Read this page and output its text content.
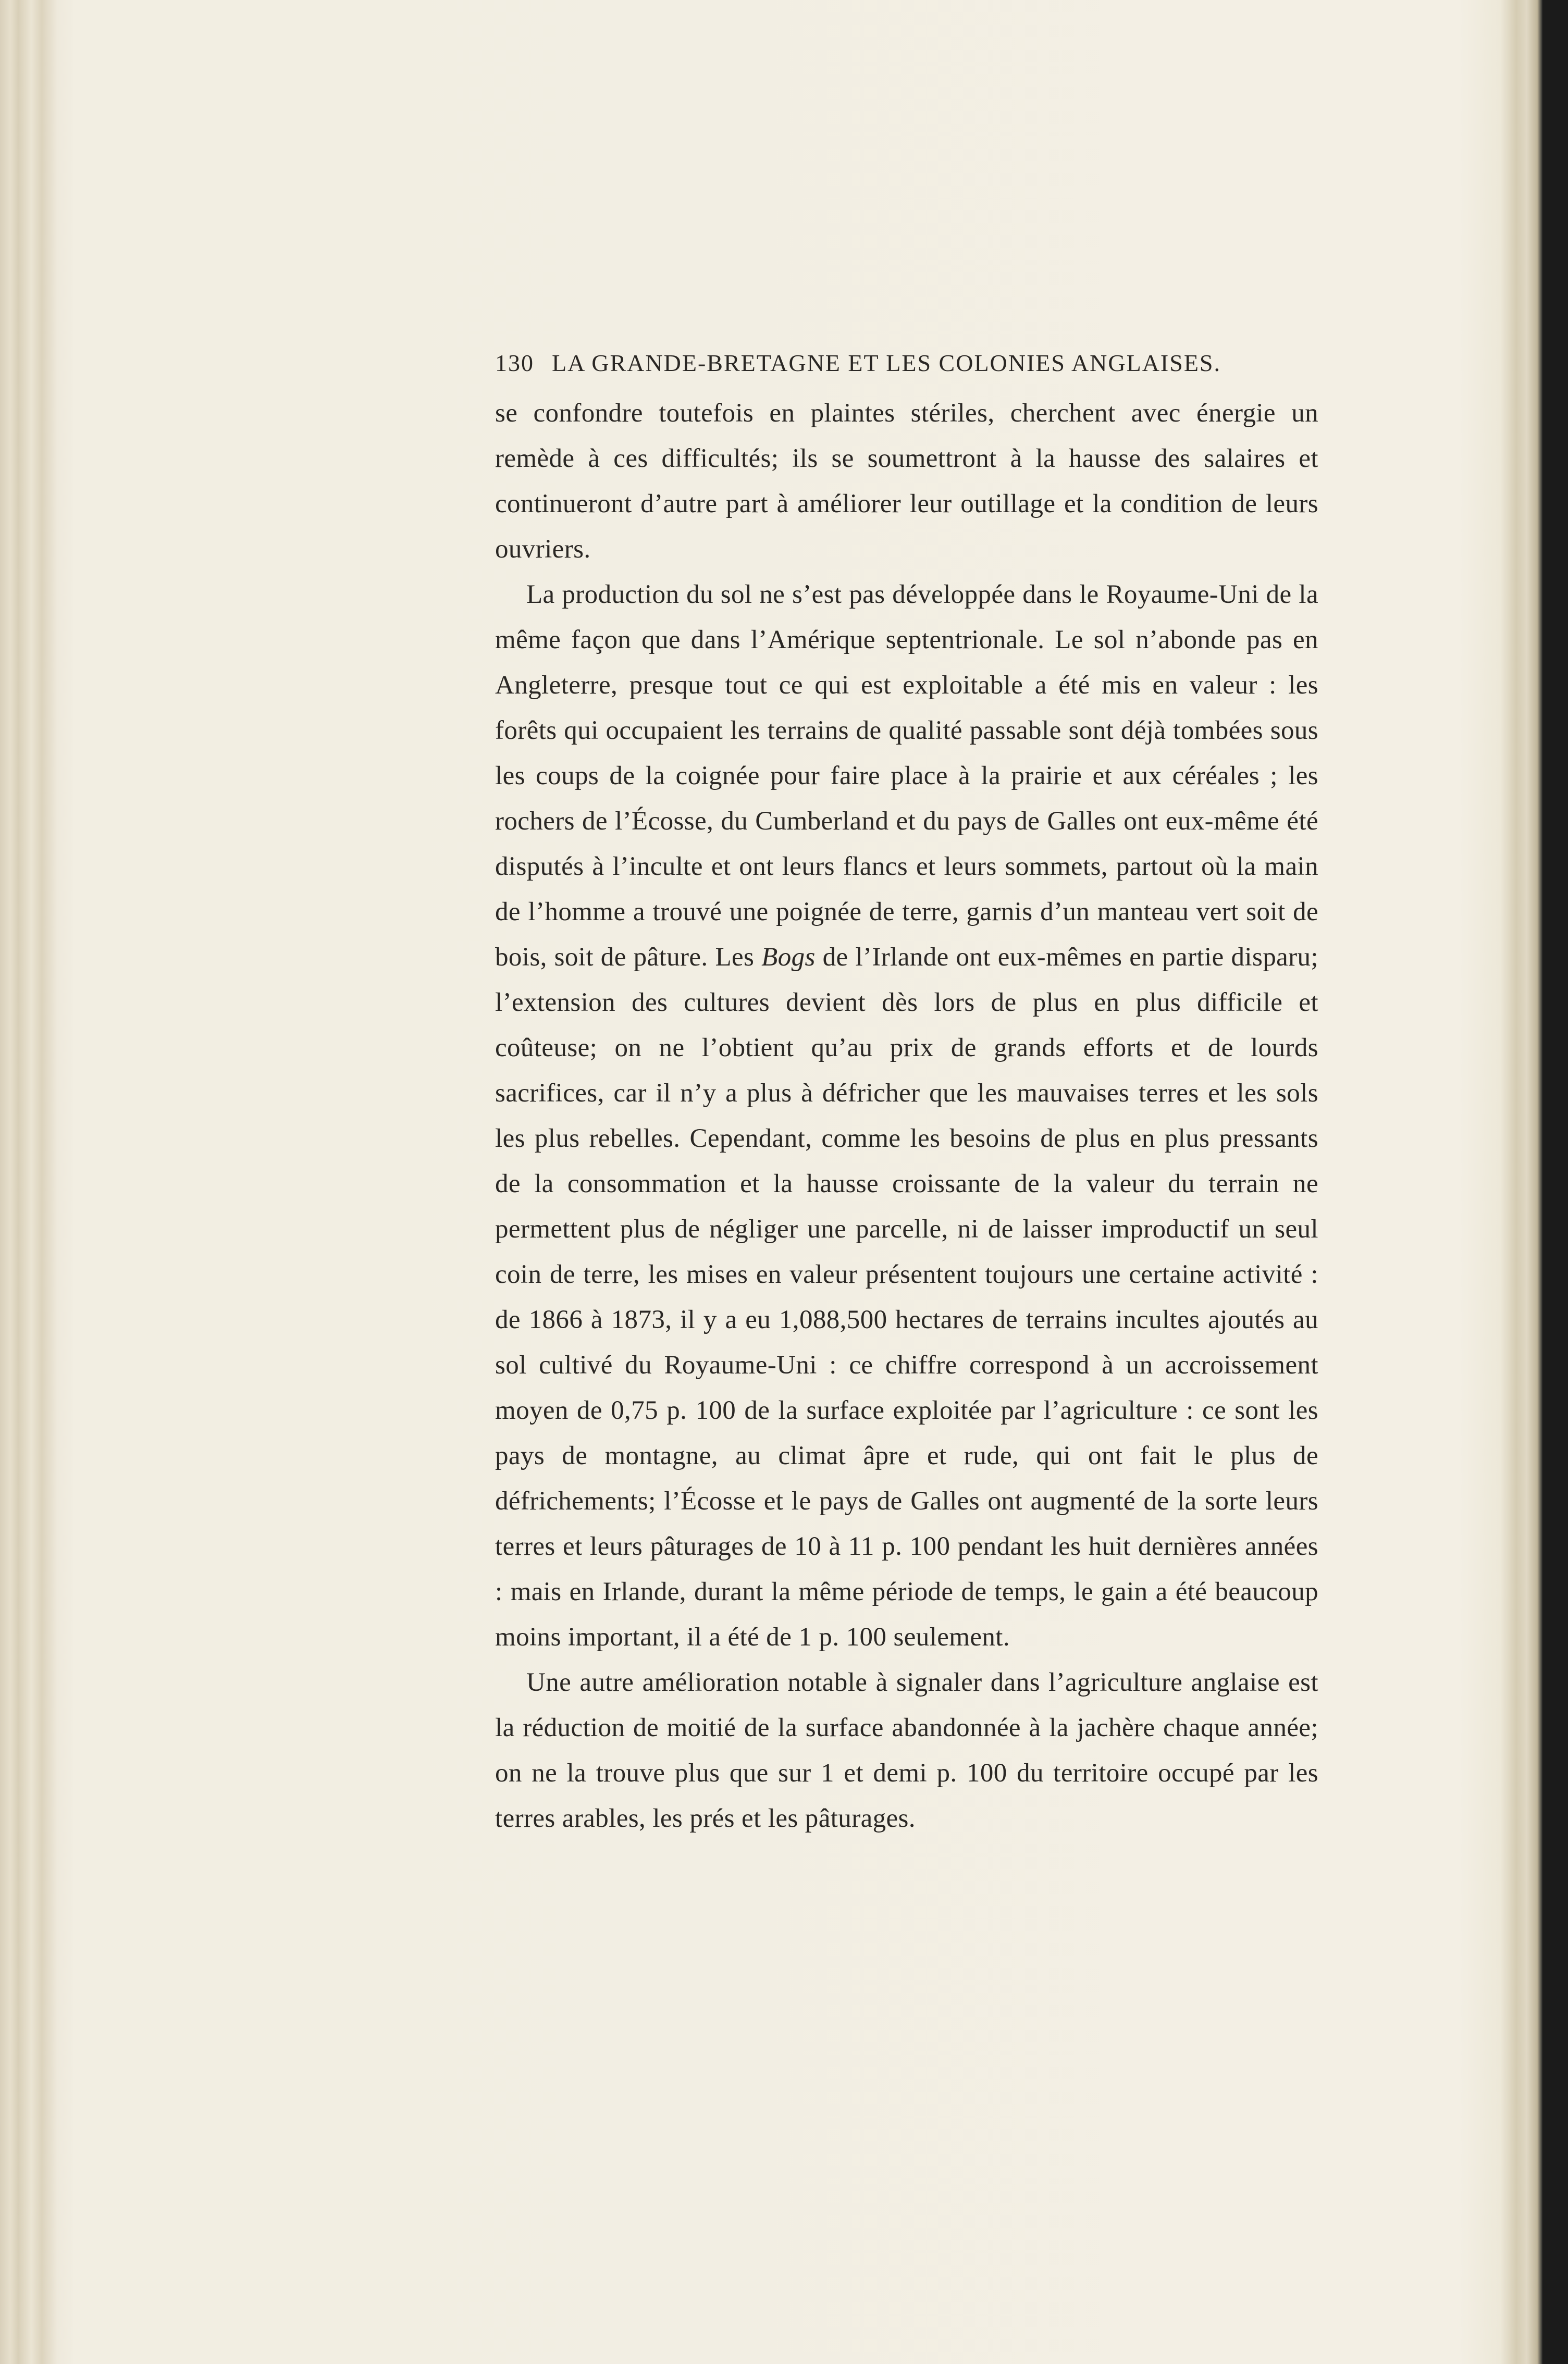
130 LA GRANDE-BRETAGNE ET LES COLONIES ANGLAISES.

se confondre toutefois en plaintes stériles, cherchent avec énergie un remède à ces difficultés; ils se soumettront à la hausse des salaires et continueront d’autre part à améliorer leur outillage et la condition de leurs ouvriers.

La production du sol ne s’est pas développée dans le Royaume-Uni de la même façon que dans l’Amérique septentrionale. Le sol n’abonde pas en Angleterre, presque tout ce qui est exploitable a été mis en valeur : les forêts qui occupaient les terrains de qualité passable sont déjà tombées sous les coups de la coignée pour faire place à la prairie et aux céréales ; les rochers de l’Écosse, du Cumberland et du pays de Galles ont eux-même été disputés à l’inculte et ont leurs flancs et leurs sommets, partout où la main de l’homme a trouvé une poignée de terre, garnis d’un manteau vert soit de bois, soit de pâture. Les Bogs de l’Irlande ont eux-mêmes en partie disparu; l’extension des cultures devient dès lors de plus en plus difficile et coûteuse; on ne l’obtient qu’au prix de grands efforts et de lourds sacrifices, car il n’y a plus à défricher que les mauvaises terres et les sols les plus rebelles. Cependant, comme les besoins de plus en plus pressants de la consommation et la hausse croissante de la valeur du terrain ne permettent plus de négliger une parcelle, ni de laisser improductif un seul coin de terre, les mises en valeur présentent toujours une certaine activité : de 1866 à 1873, il y a eu 1,088,500 hectares de terrains incultes ajoutés au sol cultivé du Royaume-Uni : ce chiffre correspond à un accroissement moyen de 0,75 p. 100 de la surface exploitée par l’agriculture : ce sont les pays de montagne, au climat âpre et rude, qui ont fait le plus de défrichements; l’Écosse et le pays de Galles ont augmenté de la sorte leurs terres et leurs pâturages de 10 à 11 p. 100 pendant les huit dernières années : mais en Irlande, durant la même période de temps, le gain a été beaucoup moins important, il a été de 1 p. 100 seulement.

Une autre amélioration notable à signaler dans l’agriculture anglaise est la réduction de moitié de la surface abandonnée à la jachère chaque année; on ne la trouve plus que sur 1 et demi p. 100 du territoire occupé par les terres arables, les prés et les pâturages.
